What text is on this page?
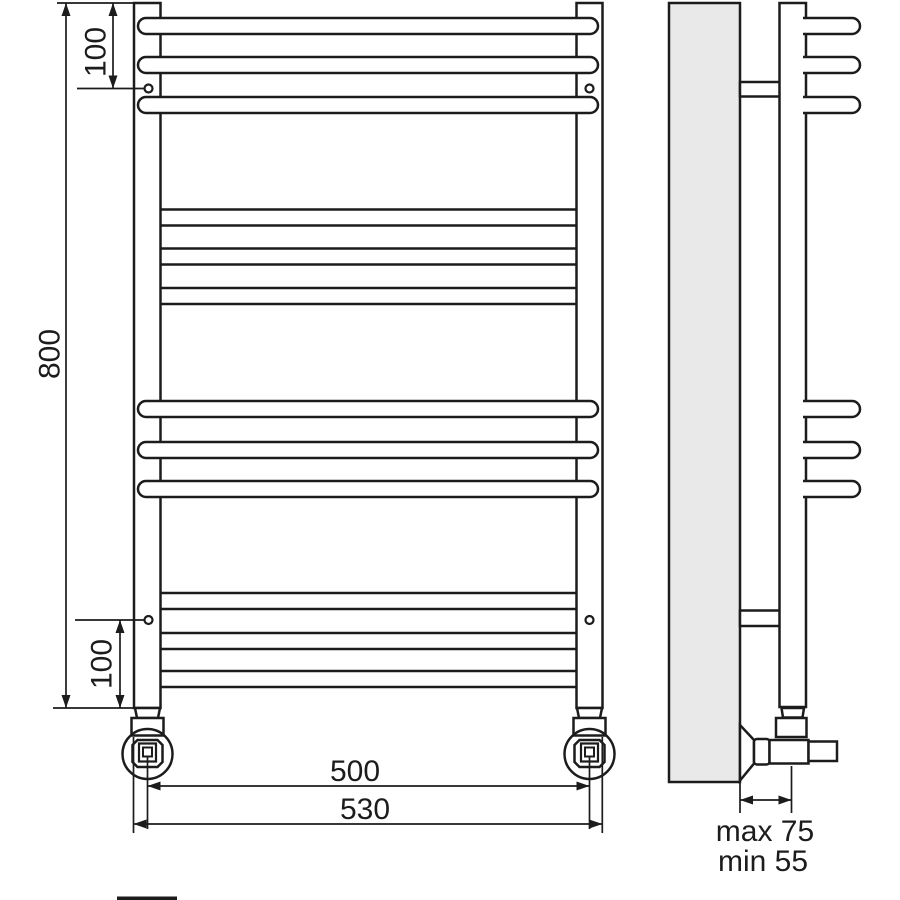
100
800
100
500
530
max 75
min 55
